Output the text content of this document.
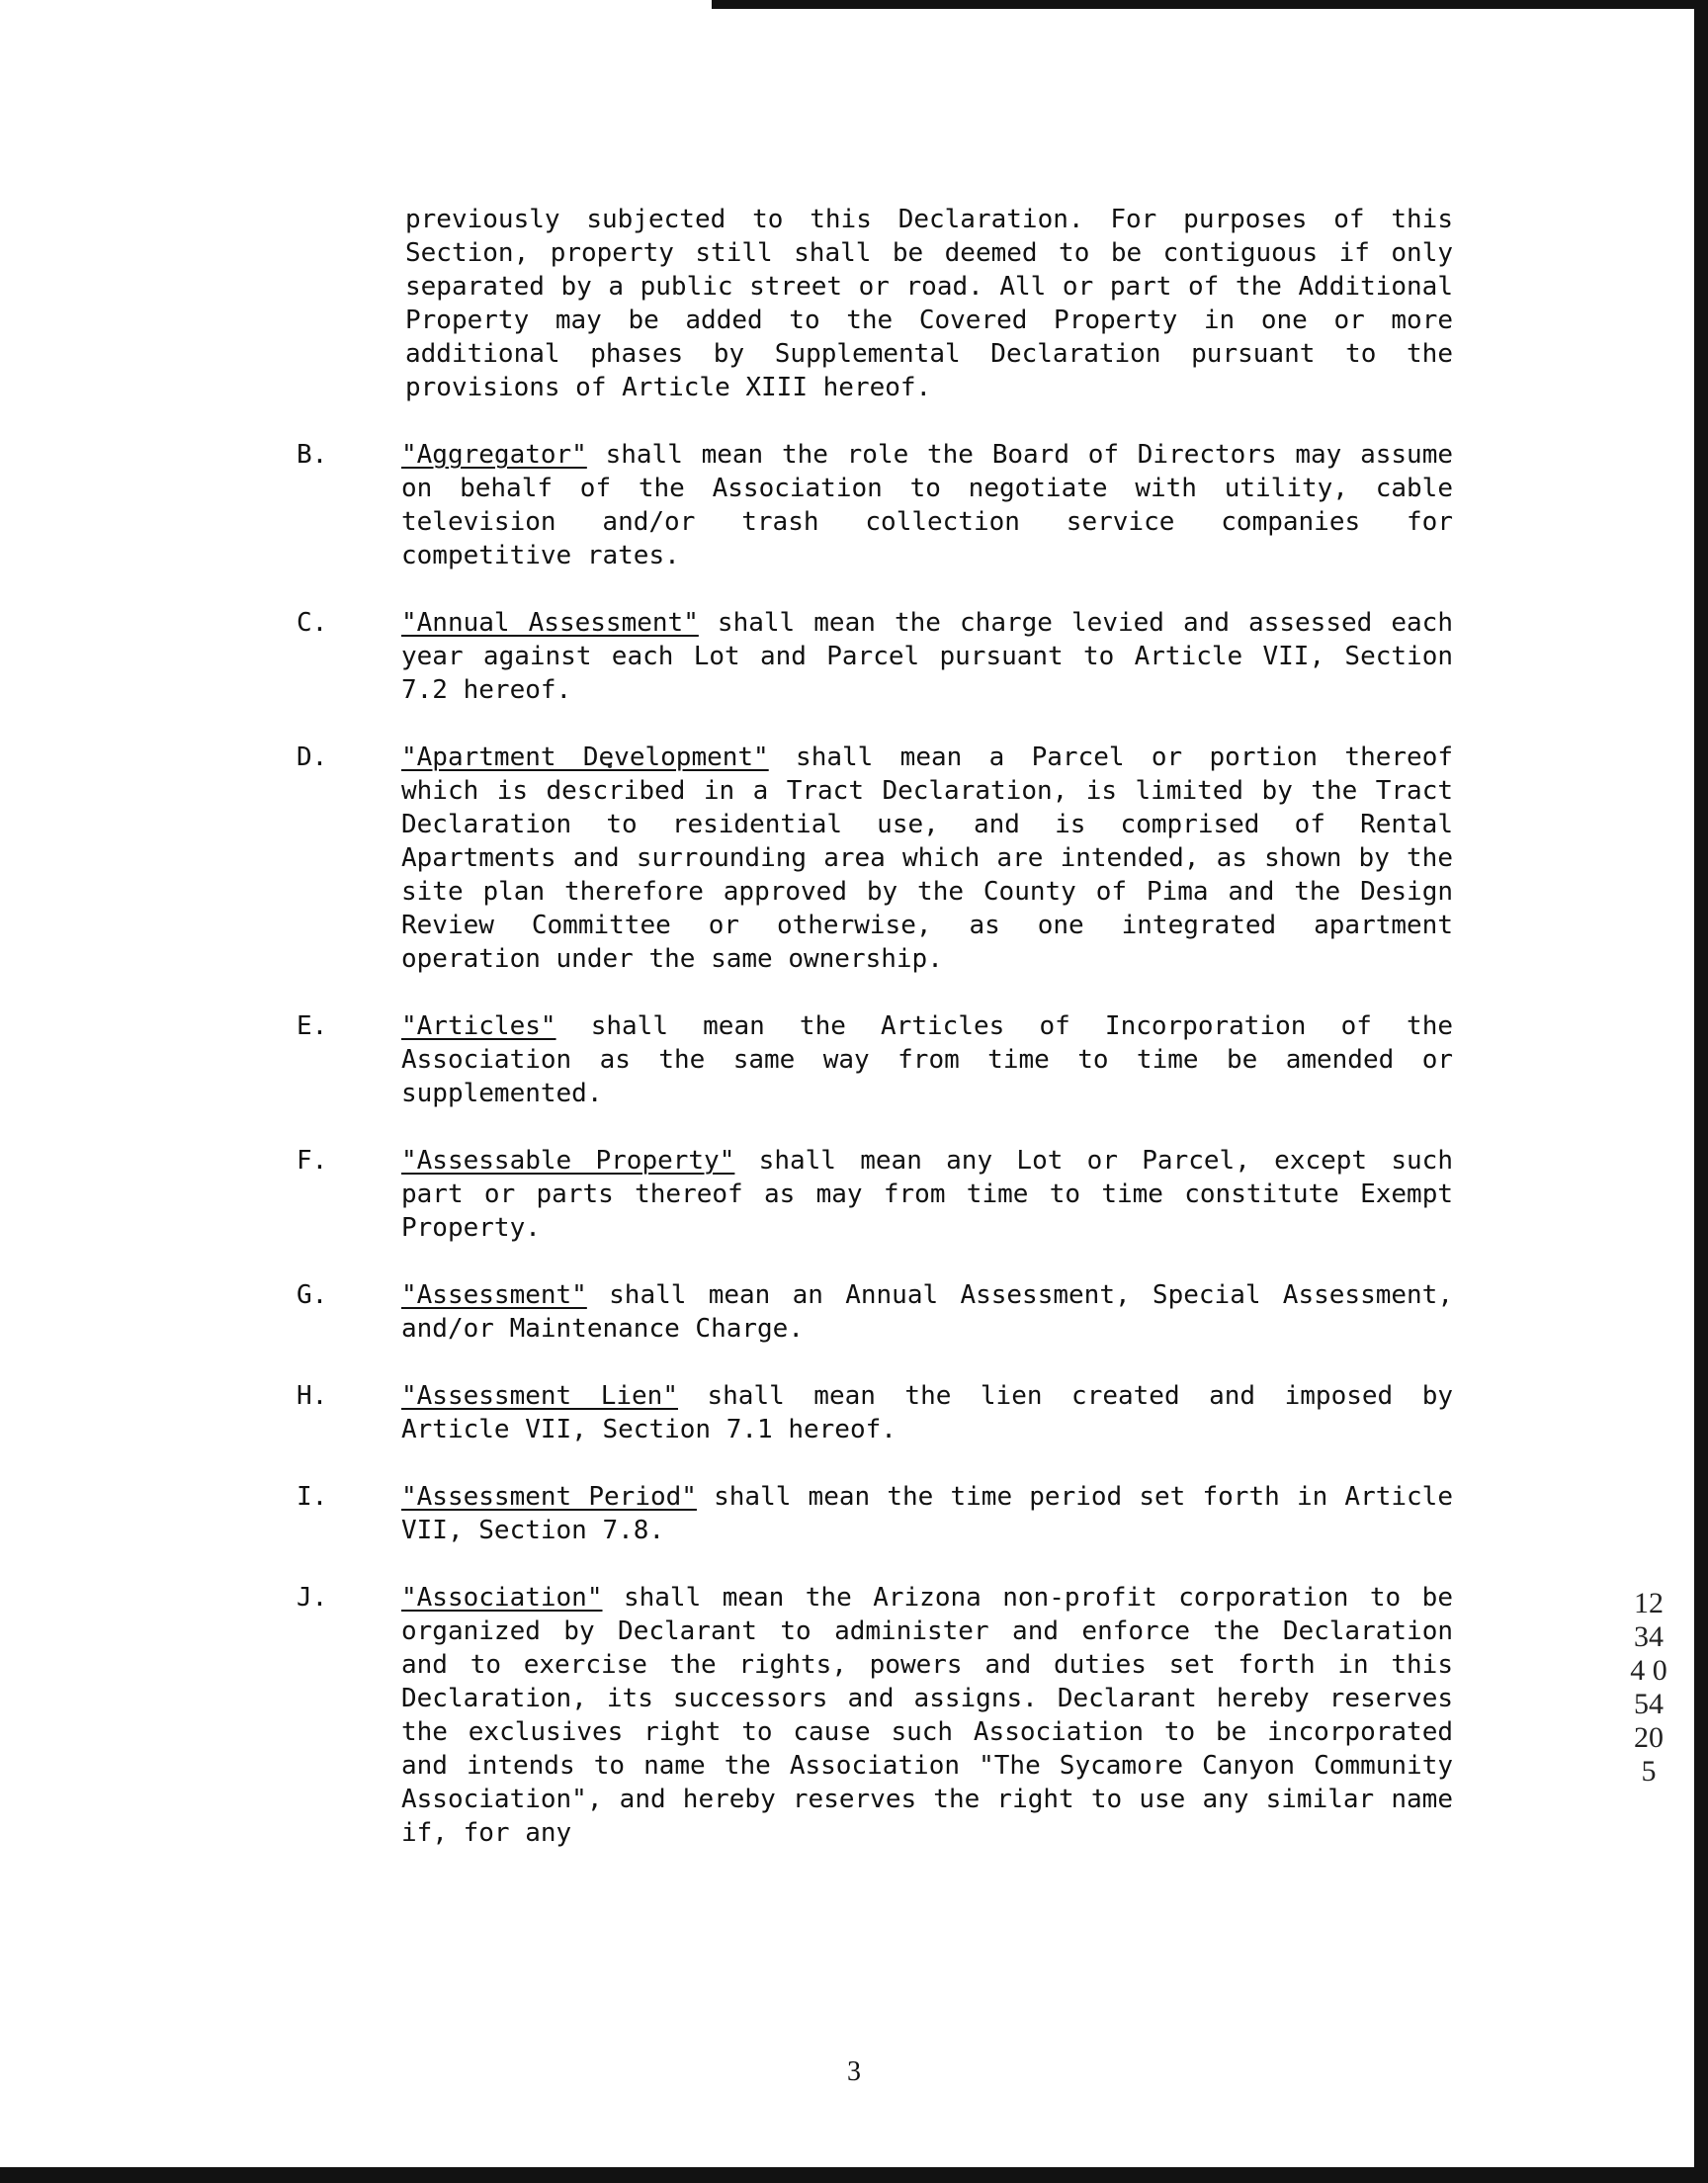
previously subjected to this Declaration. For purposes of this Section, property still shall be deemed to be contiguous if only separated by a public street or road. All or part of the Additional Property may be added to the Covered Property in one or more additional phases by Supplemental Declaration pursuant to the provisions of Article XIII hereof.
B.	"Aggregator" shall mean the role the Board of Directors may assume on behalf of the Association to negotiate with utility, cable television and/or trash collection service companies for competitive rates.
C.	"Annual Assessment" shall mean the charge levied and assessed each year against each Lot and Parcel pursuant to Article VII, Section 7.2 hereof.
D.	"Apartment Development" shall mean a Parcel or portion thereof which is described in a Tract Declaration, is limited by the Tract Declaration to residential use, and is comprised of Rental Apartments and surrounding area which are intended, as shown by the site plan therefore approved by the County of Pima and the Design Review Committee or otherwise, as one integrated apartment operation under the same ownership.
E.	"Articles" shall mean the Articles of Incorporation of the Association as the same way from time to time be amended or supplemented.
F.	"Assessable Property" shall mean any Lot or Parcel, except such part or parts thereof as may from time to time constitute Exempt Property.
G.	"Assessment" shall mean an Annual Assessment, Special Assessment, and/or Maintenance Charge.
H.	"Assessment Lien" shall mean the lien created and imposed by Article VII, Section 7.1 hereof.
I.	"Assessment Period" shall mean the time period set forth in Article VII, Section 7.8.
J.	"Association" shall mean the Arizona non-profit corporation to be organized by Declarant to administer and enforce the Declaration and to exercise the rights, powers and duties set forth in this Declaration, its successors and assigns. Declarant hereby reserves the exclusives right to cause such Association to be incorporated and intends to name the Association "The Sycamore Canyon Community Association", and hereby reserves the right to use any similar name if, for any
12344 05420 5
3
